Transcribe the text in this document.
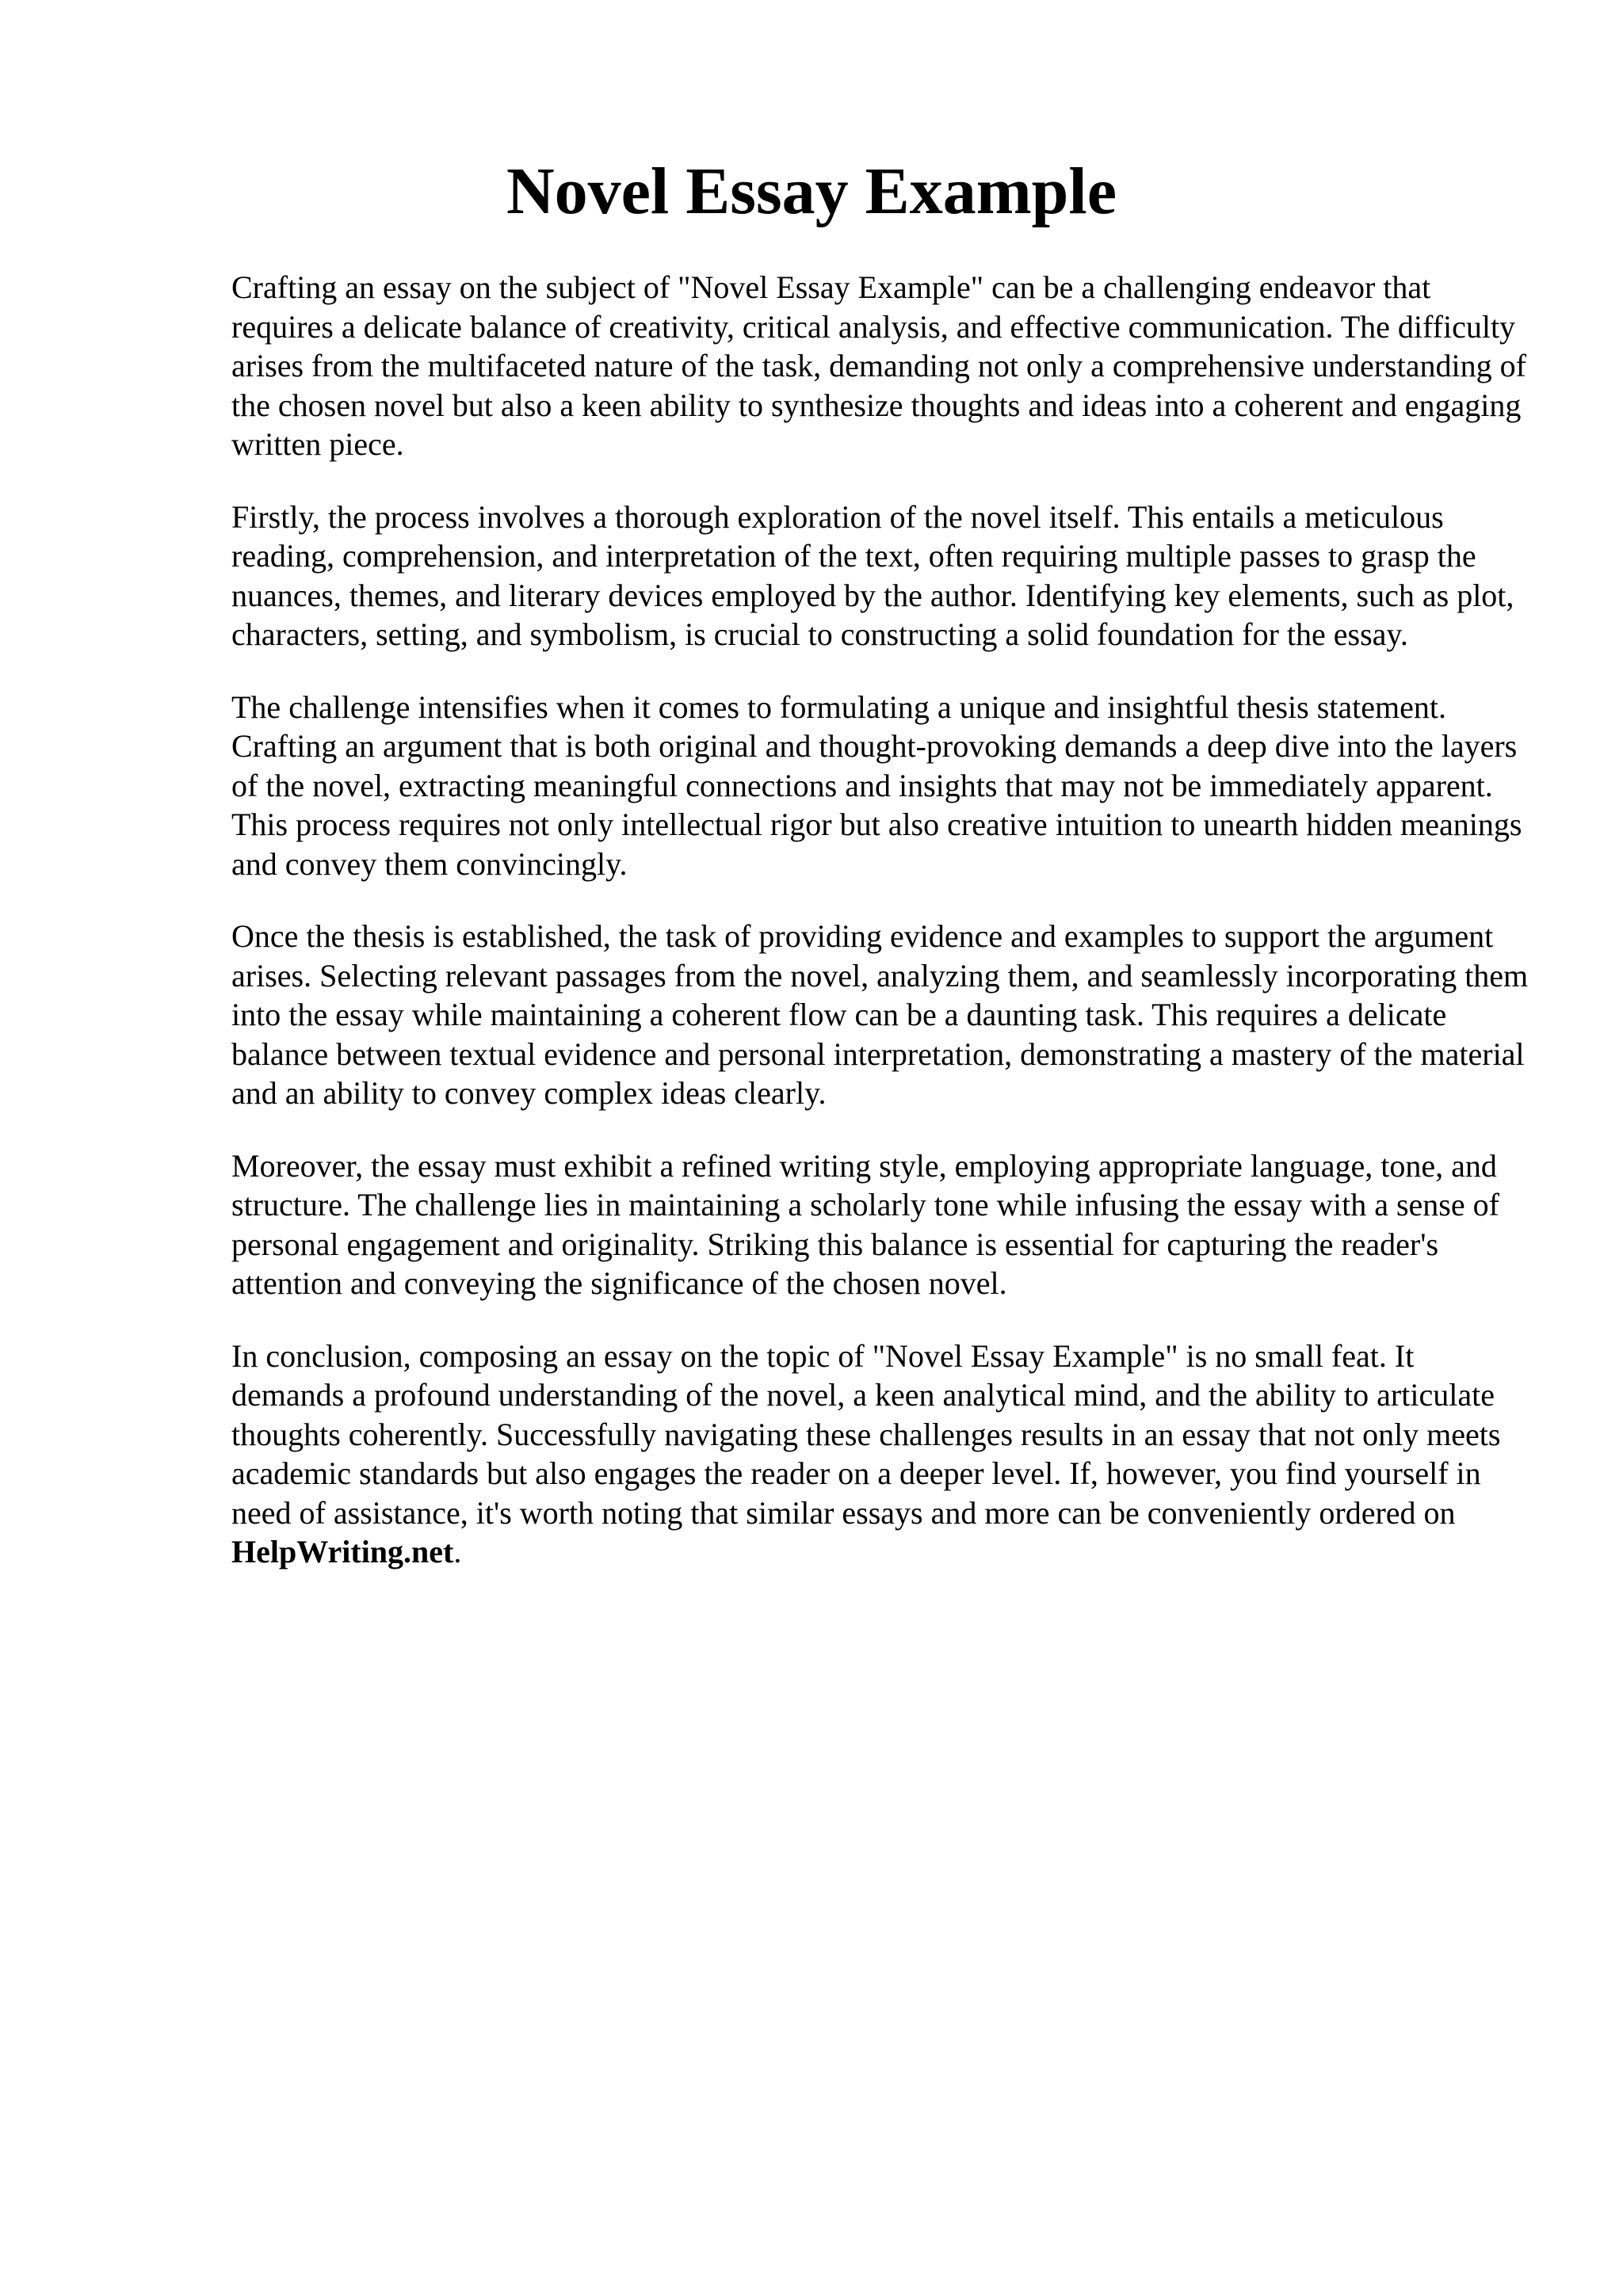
Novel Essay Example

Crafting an essay on the subject of "Novel Essay Example" can be a challenging endeavor that requires a delicate balance of creativity, critical analysis, and effective communication. The difficulty arises from the multifaceted nature of the task, demanding not only a comprehensive understanding of the chosen novel but also a keen ability to synthesize thoughts and ideas into a coherent and engaging written piece.

Firstly, the process involves a thorough exploration of the novel itself. This entails a meticulous reading, comprehension, and interpretation of the text, often requiring multiple passes to grasp the nuances, themes, and literary devices employed by the author. Identifying key elements, such as plot, characters, setting, and symbolism, is crucial to constructing a solid foundation for the essay.

The challenge intensifies when it comes to formulating a unique and insightful thesis statement. Crafting an argument that is both original and thought-provoking demands a deep dive into the layers of the novel, extracting meaningful connections and insights that may not be immediately apparent. This process requires not only intellectual rigor but also creative intuition to unearth hidden meanings and convey them convincingly.

Once the thesis is established, the task of providing evidence and examples to support the argument arises. Selecting relevant passages from the novel, analyzing them, and seamlessly incorporating them into the essay while maintaining a coherent flow can be a daunting task. This requires a delicate balance between textual evidence and personal interpretation, demonstrating a mastery of the material and an ability to convey complex ideas clearly.

Moreover, the essay must exhibit a refined writing style, employing appropriate language, tone, and structure. The challenge lies in maintaining a scholarly tone while infusing the essay with a sense of personal engagement and originality. Striking this balance is essential for capturing the reader's attention and conveying the significance of the chosen novel.

In conclusion, composing an essay on the topic of "Novel Essay Example" is no small feat. It demands a profound understanding of the novel, a keen analytical mind, and the ability to articulate thoughts coherently. Successfully navigating these challenges results in an essay that not only meets academic standards but also engages the reader on a deeper level. If, however, you find yourself in need of assistance, it's worth noting that similar essays and more can be conveniently ordered on HelpWriting.net.
